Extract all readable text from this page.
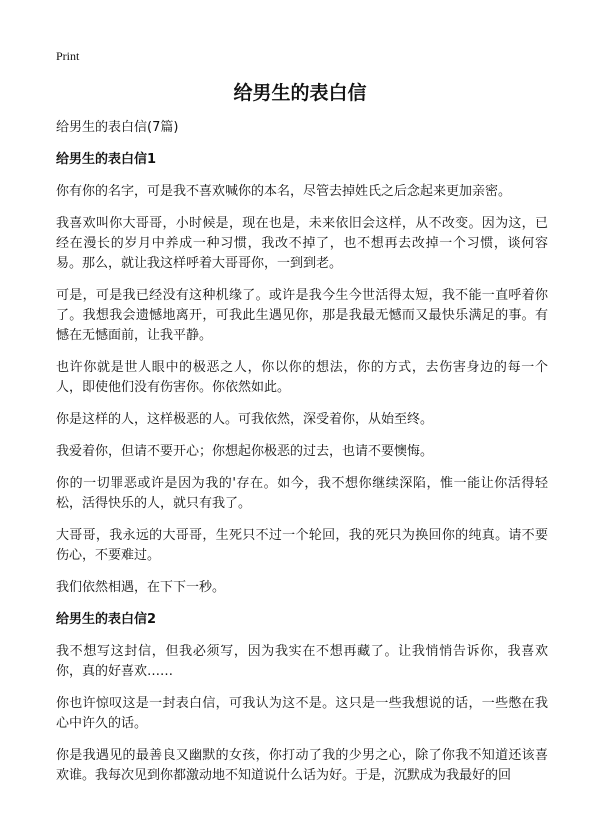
Print
给男生的表白信

给男生的表白信(7篇)

给男生的表白信1

你有你的名字，可是我不喜欢喊你的本名，尽管去掉姓氏之后念起来更加亲密。

我喜欢叫你大哥哥，小时候是，现在也是，未来依旧会这样，从不改变。因为这，已经在漫长的岁月中养成一种习惯，我改不掉了，也不想再去改掉一个习惯，谈何容易。那么，就让我这样呼着大哥哥你，一到到老。

可是，可是我已经没有这种机缘了。或许是我今生今世活得太短，我不能一直呼着你了。我想我会遗憾地离开，可我此生遇见你，那是我最无憾而又最快乐满足的事。有憾在无憾面前，让我平静。

也许你就是世人眼中的极恶之人，你以你的想法，你的方式，去伤害身边的每一个人，即使他们没有伤害你。你依然如此。

你是这样的人，这样极恶的人。可我依然，深受着你，从始至终。

我爱着你，但请不要开心；你想起你极恶的过去，也请不要懊悔。

你的一切罪恶或许是因为我的'存在。如今，我不想你继续深陷，惟一能让你活得轻松，活得快乐的人，就只有我了。

大哥哥，我永远的大哥哥，生死只不过一个轮回，我的死只为换回你的纯真。请不要伤心，不要难过。

我们依然相遇，在下下一秒。

给男生的表白信2

我不想写这封信，但我必须写，因为我实在不想再藏了。让我悄悄告诉你，我喜欢你，真的好喜欢……

你也许惊叹这是一封表白信，可我认为这不是。这只是一些我想说的话，一些憋在我心中许久的话。

你是我遇见的最善良又幽默的女孩，你打动了我的少男之心，除了你我不知道还该喜欢谁。我每次见到你都激动地不知道说什么话为好。于是，沉默成为我最好的回
